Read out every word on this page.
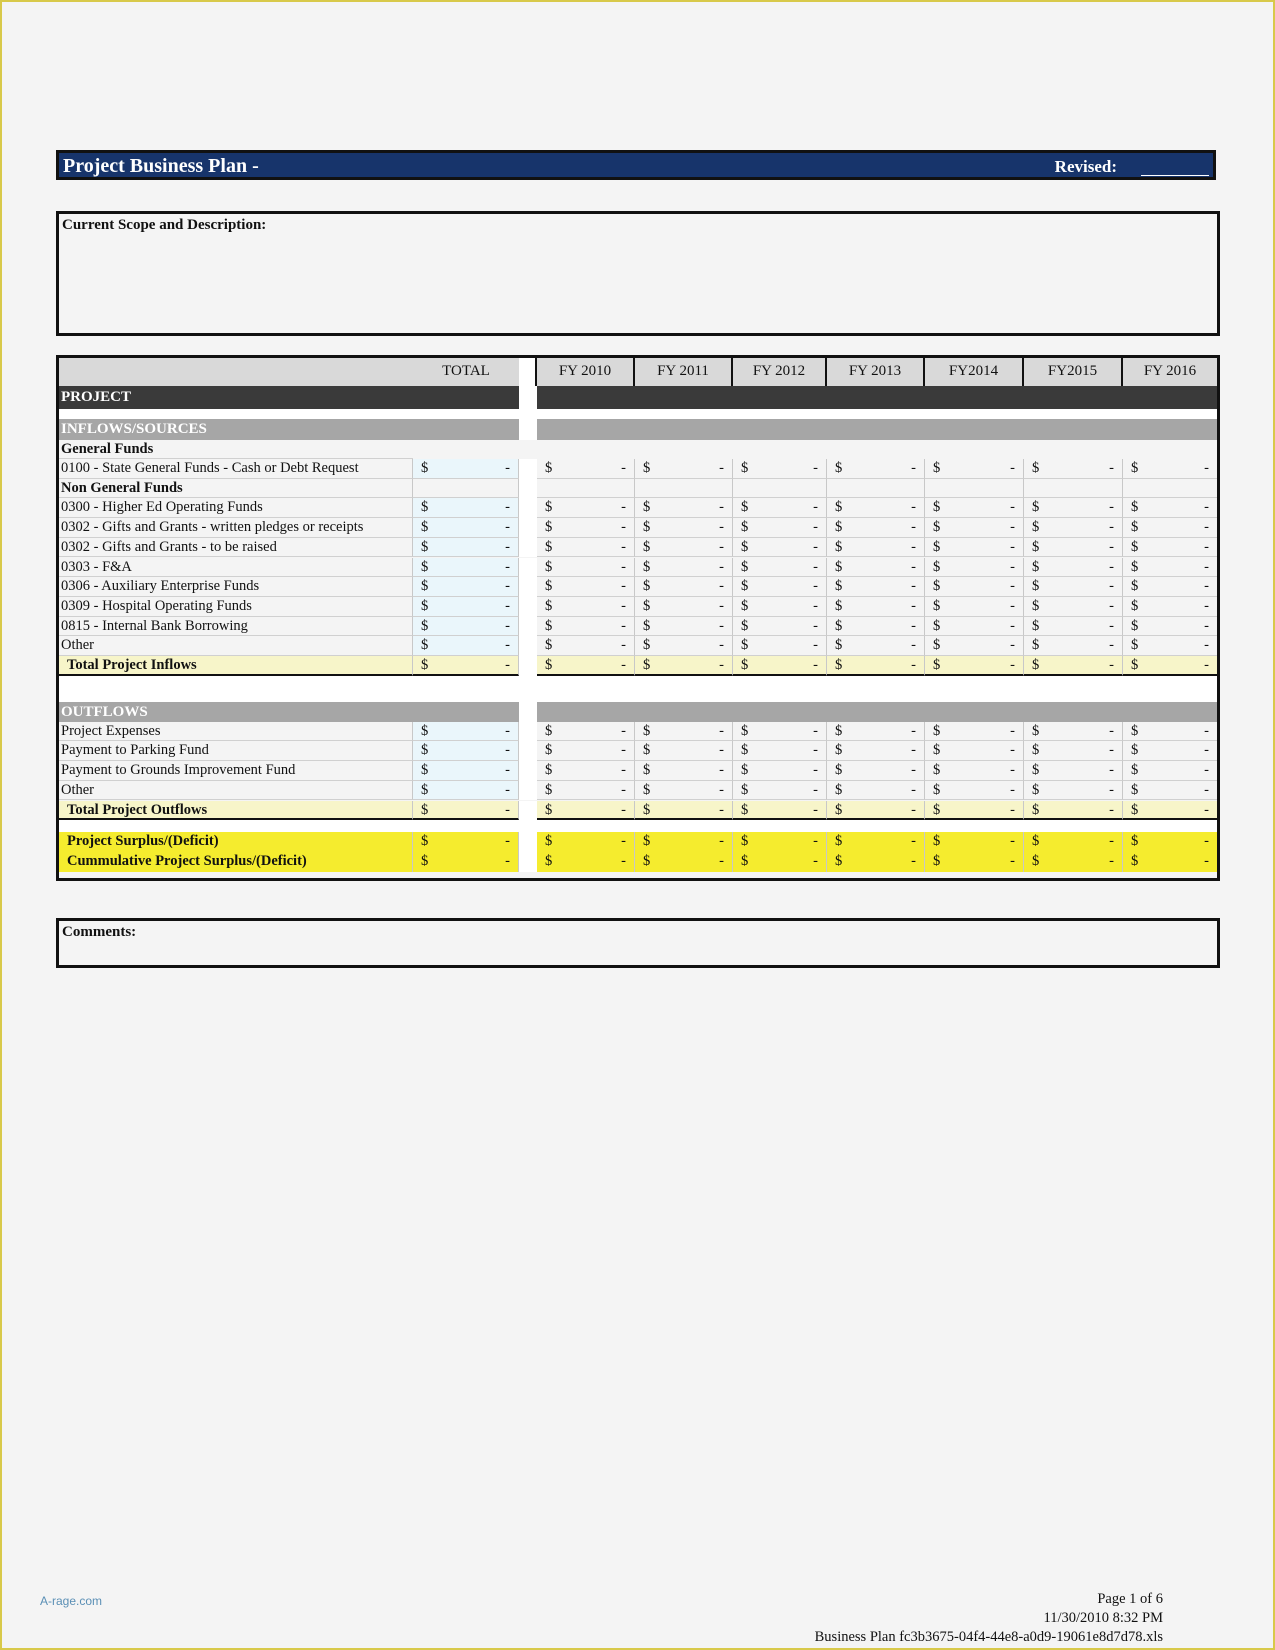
Project Business Plan -	Revised:
Current Scope and Description:
TOTAL	FY 2010	FY 2011	FY 2012	FY 2013	FY2014	FY2015	FY 2016
PROJECT
INFLOWS/SOURCES
General Funds
0100 - State General Funds - Cash or Debt Request	$	-	$	-	$	-	$	-	$	-	$	-	$	-	$	-
Non General Funds
0300 - Higher Ed Operating Funds	$	-	$	-	$	-	$	-	$	-	$	-	$	-	$	-
0302 - Gifts and Grants - written pledges or receipts	$	-	$	-	$	-	$	-	$	-	$	-	$	-	$	-
0302 - Gifts and Grants - to be raised	$	-	$	-	$	-	$	-	$	-	$	-	$	-	$	-
0303 - F&A	$	-	$	-	$	-	$	-	$	-	$	-	$	-	$	-
0306 - Auxiliary Enterprise Funds	$	-	$	-	$	-	$	-	$	-	$	-	$	-	$	-
0309 - Hospital Operating Funds	$	-	$	-	$	-	$	-	$	-	$	-	$	-	$	-
0815 - Internal Bank Borrowing	$	-	$	-	$	-	$	-	$	-	$	-	$	-	$	-
Other	$	-	$	-	$	-	$	-	$	-	$	-	$	-	$	-
Total Project Inflows	$	-	$	-	$	-	$	-	$	-	$	-	$	-	$	-
OUTFLOWS
Project Expenses	$	-	$	-	$	-	$	-	$	-	$	-	$	-	$	-
Payment to Parking Fund	$	-	$	-	$	-	$	-	$	-	$	-	$	-	$	-
Payment to Grounds Improvement Fund	$	-	$	-	$	-	$	-	$	-	$	-	$	-	$	-
Other	$	-	$	-	$	-	$	-	$	-	$	-	$	-	$	-
Total Project Outflows	$	-	$	-	$	-	$	-	$	-	$	-	$	-	$	-
Project Surplus/(Deficit)	$	-	$	-	$	-	$	-	$	-	$	-	$	-	$	-
Cummulative Project Surplus/(Deficit)	$	-	$	-	$	-	$	-	$	-	$	-	$	-	$	-
Comments:
A-rage.com	Page 1 of 6
11/30/2010 8:32 PM
Business Plan fc3b3675-04f4-44e8-a0d9-19061e8d7d78.xls
